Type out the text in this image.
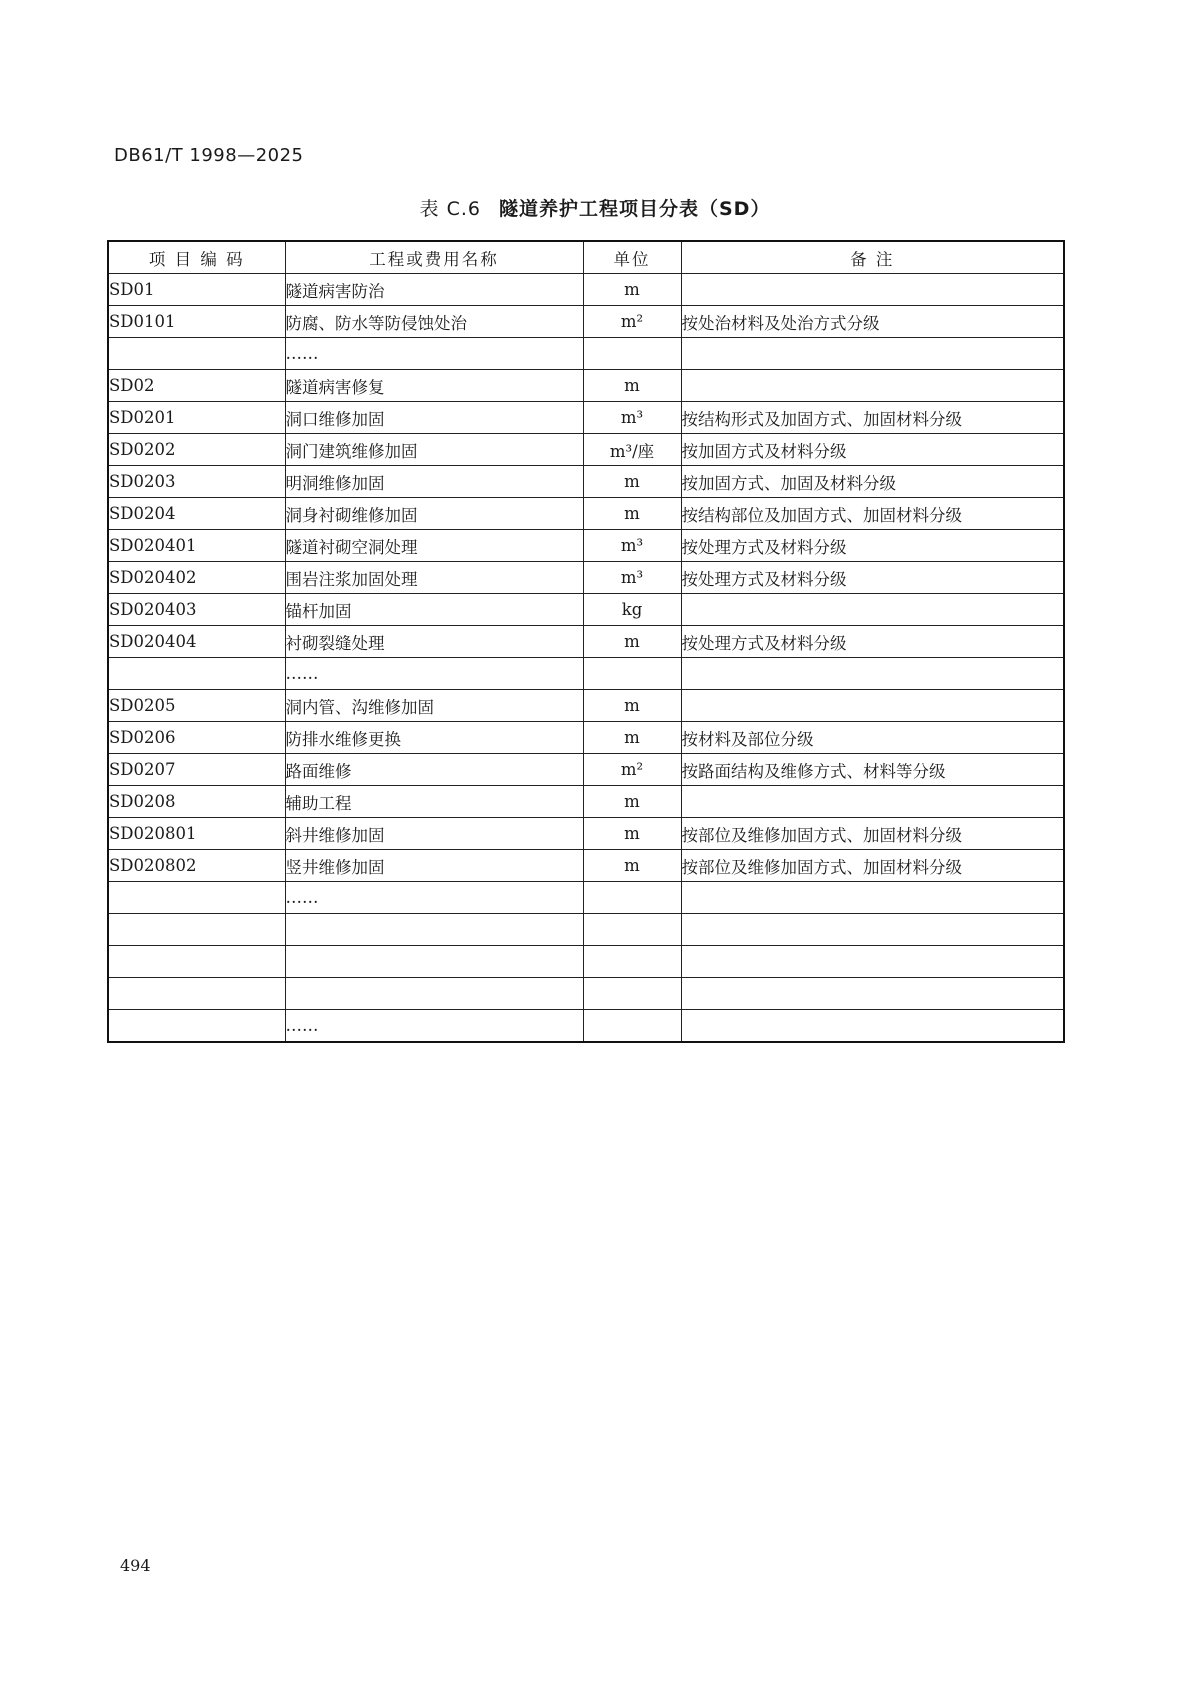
DB61/T 1998—2025
表 C.6 隧道养护工程项目分表（SD）
项 目 编 码	工程或费用名称	单位	备 注
SD01	隧道病害防治	m	
SD0101	防腐、防水等防侵蚀处治	m²	按处治材料及处治方式分级
	……		
SD02	隧道病害修复	m	
SD0201	洞口维修加固	m³	按结构形式及加固方式、加固材料分级
SD0202	洞门建筑维修加固	m³/座	按加固方式及材料分级
SD0203	明洞维修加固	m	按加固方式、加固及材料分级
SD0204	洞身衬砌维修加固	m	按结构部位及加固方式、加固材料分级
SD020401	隧道衬砌空洞处理	m³	按处理方式及材料分级
SD020402	围岩注浆加固处理	m³	按处理方式及材料分级
SD020403	锚杆加固	kg	
SD020404	衬砌裂缝处理	m	按处理方式及材料分级
	……		
SD0205	洞内管、沟维修加固	m	
SD0206	防排水维修更换	m	按材料及部位分级
SD0207	路面维修	m²	按路面结构及维修方式、材料等分级
SD0208	辅助工程	m	
SD020801	斜井维修加固	m	按部位及维修加固方式、加固材料分级
SD020802	竖井维修加固	m	按部位及维修加固方式、加固材料分级
	……		

	……		
494
